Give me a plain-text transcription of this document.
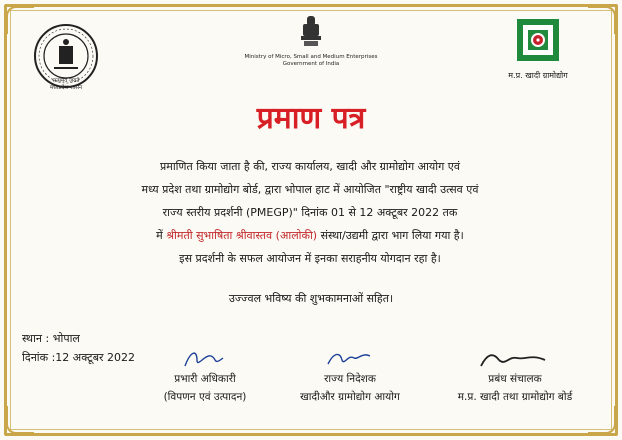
सत्यमेव जयते
मध्यप्रदेश शासन
Ministry of Micro, Small and Medium Enterprises
Government of India
म.प्र. खादी ग्रामोद्योग
प्रमाण पत्र
प्रमाणित किया जाता है की, राज्य कार्यालय, खादी और ग्रामोद्योग आयोग एवं
मध्य प्रदेश तथा ग्रामोद्योग बोर्ड, द्वारा भोपाल हाट में आयोजित "राष्ट्रीय खादी उत्सव एवं
राज्य स्तरीय प्रदर्शनी (PMEGP)" दिनांक 01 से 12 अक्टूबर 2022 तक
में श्रीमती सुभाषिता श्रीवास्तव (आलोकी) संस्था/उद्यमी द्वारा भाग लिया गया है।
इस प्रदर्शनी के सफल आयोजन में इनका सराहनीय योगदान रहा है।
उज्ज्वल भविष्य की शुभकामनाओं सहित।
स्थान : भोपाल
दिनांक :12 अक्टूबर 2022
प्रभारी अधिकारी
(विपणन एवं उत्पादन)
राज्य निदेशक
खादीऔर ग्रामोद्योग आयोग
प्रबंध संचालक
म.प्र. खादी तथा ग्रामोद्योग बोर्ड
